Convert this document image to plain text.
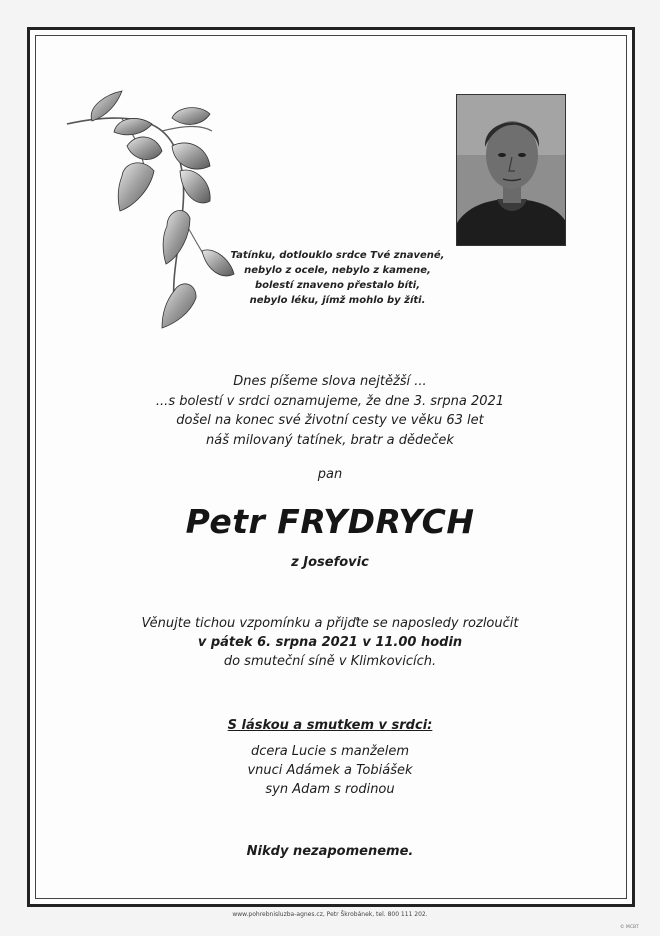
Tatínku, dotlouklo srdce Tvé znavené,
nebylo z ocele, nebylo z kamene,
bolestí znaveno přestalo bíti,
nebylo léku, jímž mohlo by žíti.
Dnes píšeme slova nejtěžší ...
...s bolestí v srdci oznamujeme, že dne 3. srpna 2021
došel na konec své životní cesty ve věku 63 let
náš milovaný tatínek, bratr a dědeček
pan
Petr FRYDRYCH
z Josefovic
Věnujte tichou vzpomínku a přijďte se naposledy rozloučit
v pátek 6. srpna 2021 v 11.00 hodin
do smuteční síně v Klimkovicích.
S láskou a smutkem v srdci:
dcera Lucie s manželem
vnuci Adámek a Tobiášek
syn Adam s rodinou
Nikdy nezapomeneme.
www.pohrebnisluzba-agnes.cz, Petr Škrobánek, tel. 800 111 202.
© MCBT
